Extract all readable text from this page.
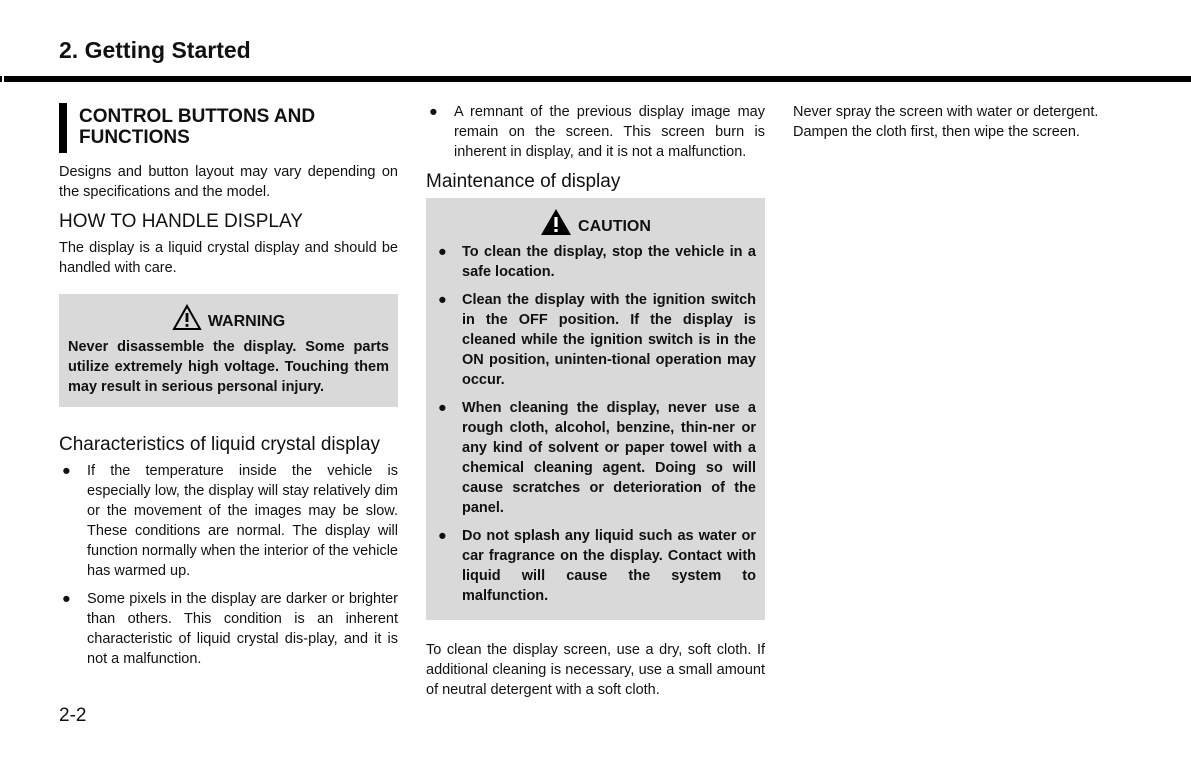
2. Getting Started
CONTROL BUTTONS AND FUNCTIONS

Designs and button layout may vary depending on the specifications and the model.

HOW TO HANDLE DISPLAY

The display is a liquid crystal display and should be handled with care.

WARNING

Never disassemble the display. Some parts utilize extremely high voltage. Touching them may result in serious personal injury.

Characteristics of liquid crystal display
● If the temperature inside the vehicle is especially low, the display will stay relatively dim or the movement of the images may be slow. These conditions are normal. The display will function normally when the interior of the vehicle has warmed up.
● Some pixels in the display are darker or brighter than others. This condition is an inherent characteristic of liquid crystal dis-play, and it is not a malfunction.
● A remnant of the previous display image may remain on the screen. This screen burn is inherent in display, and it is not a malfunction.
Maintenance of display
CAUTION
● To clean the display, stop the vehicle in a safe location.
● Clean the display with the ignition switch in the OFF position. If the display is cleaned while the ignition switch is in the ON position, uninten-tional operation may occur.
● When cleaning the display, never use a rough cloth, alcohol, benzine, thin-ner or any kind of solvent or paper towel with a chemical cleaning agent. Doing so will cause scratches or deterioration of the panel.
● Do not splash any liquid such as water or car fragrance on the display. Contact with liquid will cause the system to malfunction.

To clean the display screen, use a dry, soft cloth. If additional cleaning is necessary, use a small amount of neutral detergent with a soft cloth.

Never spray the screen with water or detergent. Dampen the cloth first, then wipe the screen.

2-2
